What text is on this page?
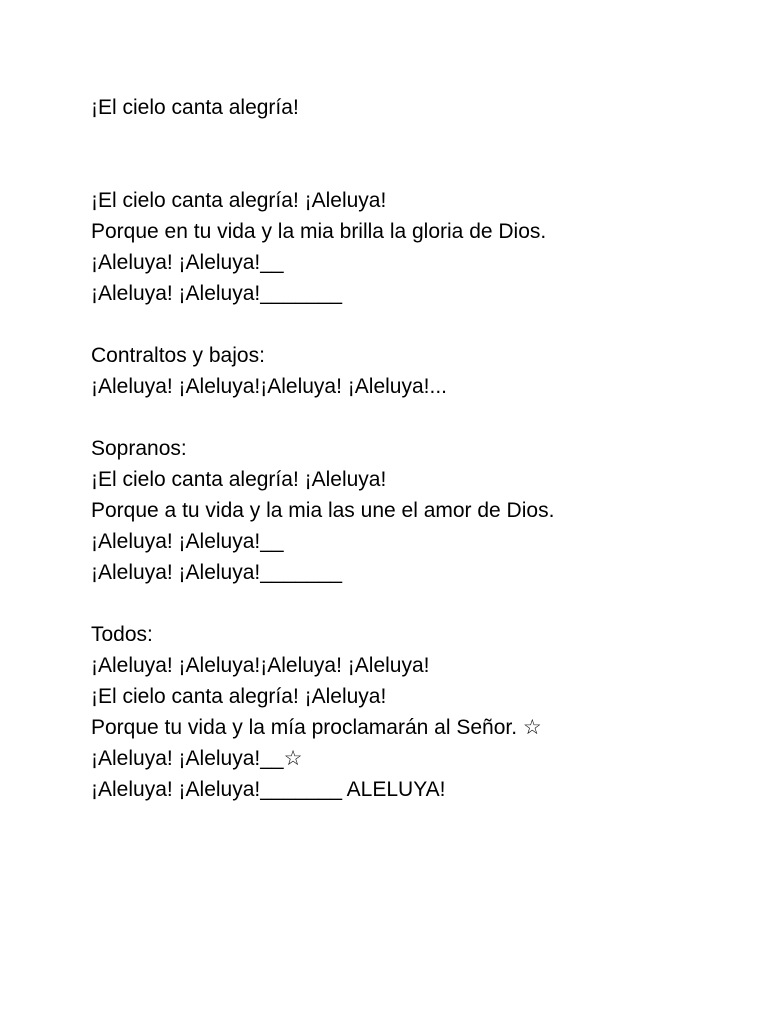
¡El cielo canta alegría!
¡El cielo canta alegría! ¡Aleluya!
Porque en tu vida y la mia brilla la gloria de Dios.
¡Aleluya! ¡Aleluya!__
¡Aleluya! ¡Aleluya!_______
Contraltos y bajos:
¡Aleluya! ¡Aleluya!¡Aleluya! ¡Aleluya!...
Sopranos:
¡El cielo canta alegría! ¡Aleluya!
Porque a tu vida y la mia las une el amor de Dios.
¡Aleluya! ¡Aleluya!__
¡Aleluya! ¡Aleluya!_______
Todos:
¡Aleluya! ¡Aleluya!¡Aleluya! ¡Aleluya!
¡El cielo canta alegría! ¡Aleluya!
Porque tu vida y la mía proclamarán al Señor. ☆
¡Aleluya! ¡Aleluya!__☆
¡Aleluya! ¡Aleluya!_______ ALELUYA!
